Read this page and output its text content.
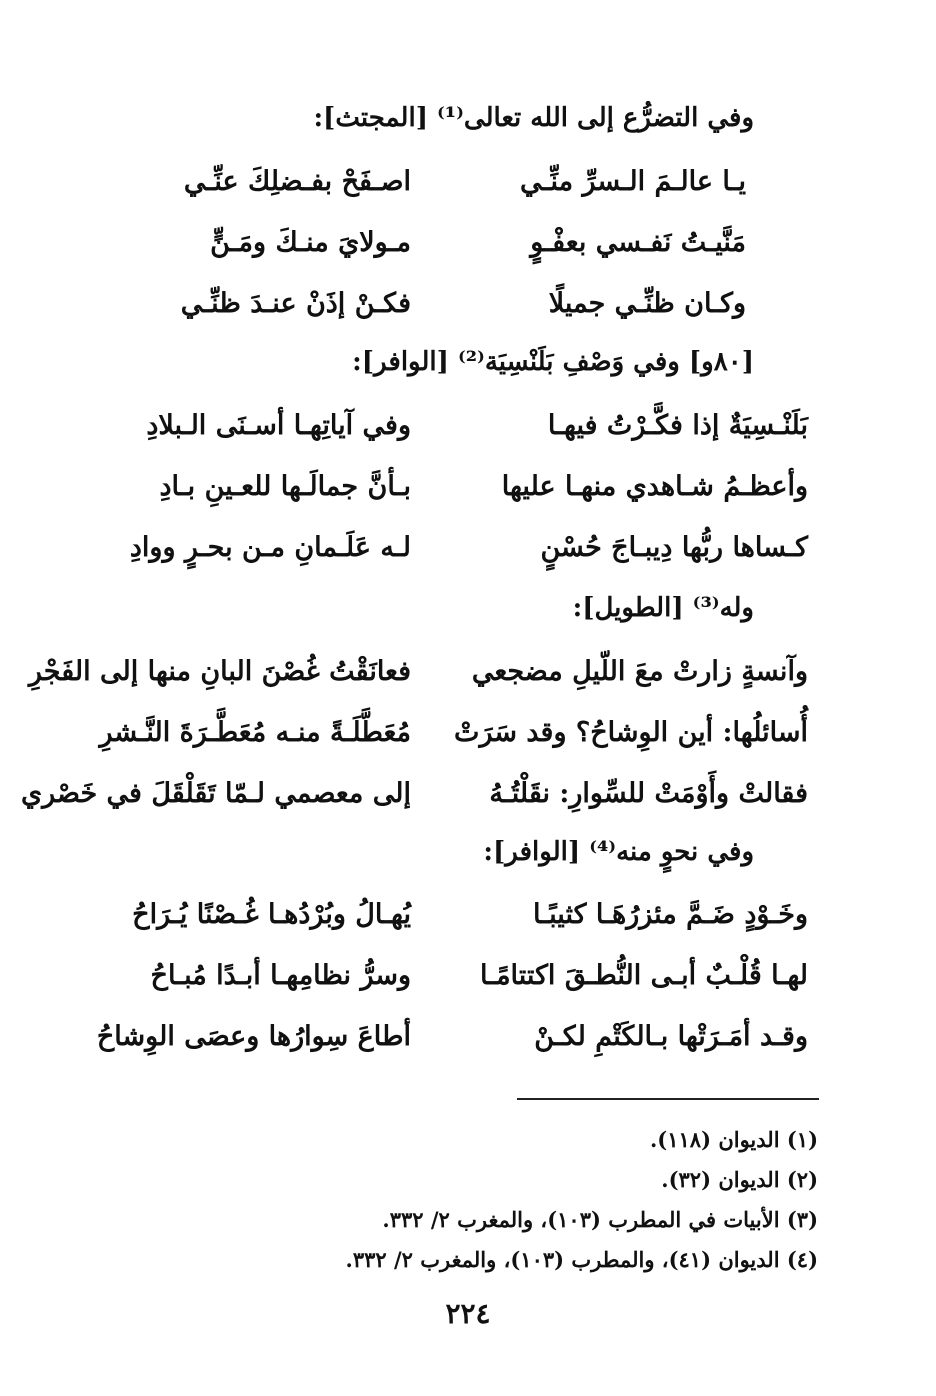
وفي التضرُّع إلى الله تعالى⁽¹⁾ [المجتث]:
يـا عالـمَ الـسرِّ منِّـي
اصـفَحْ بفـضلِكَ عنِّـي
مَنَّيـتُ نَفـسي بعفْـوٍ
مـولايَ منـكَ ومَـنٍّ
وكـان ظنِّـي جميلًا
فكـنْ إذَنْ عنـدَ ظنِّـي
[٨٠و] وفي وَصْفِ بَلَنْسِيَة⁽²⁾ [الوافر]:
بَلَنْـسِيَةٌ إذا فكَّـرْتُ فيهـا
وفي آياتِهـا أسـنَى الـبلادِ
وأعظـمُ شـاهدي منهـا عليها
بـأنَّ جمالَـها للعـينِ بـادِ
كـساها ربُّها دِيبـاجَ حُسْنٍ
لـه عَلَـمانِ مـن بحـرٍ ووادِ
وله⁽³⁾ [الطويل]:
وآنسةٍ زارتْ معَ اللّيلِ مضجعي
فعانَقْتُ غُصْنَ البانِ منها إلى الفَجْرِ
أُسائلُها: أين الوِشاحُ؟ وقد سَرَتْ
مُعَطَّلَـةً منـه مُعَطَّـرَةَ النَّـشرِ
فقالتْ وأَوْمَتْ للسِّوارِ: نقَلْتُـهُ
إلى معصمي لـمّا تَقَلْقَلَ في خَصْري
وفي نحوٍ منه⁽⁴⁾ [الوافر]:
وخَـوْدٍ ضَـمَّ مئزرُهَـا كثيبًـا
يُهـالُ وبُرْدُهـا غُـصْنًا يُـرَاحُ
لهـا قُلْـبٌ أبـى النُّطـقَ اكتتامًـا
وسرُّ نظامِهـا أبـدًا مُبـاحُ
وقـد أمَـرَتْها بـالكَتْمِ لكـنْ
أطاعَ سِوارُها وعصَى الوِشاحُ
(١) الديوان (١١٨).
(٢) الديوان (٣٢).
(٣) الأبيات في المطرب (١٠٣)، والمغرب ٢/ ٣٣٢.
(٤) الديوان (٤١)، والمطرب (١٠٣)، والمغرب ٢/ ٣٣٢.
٢٢٤
